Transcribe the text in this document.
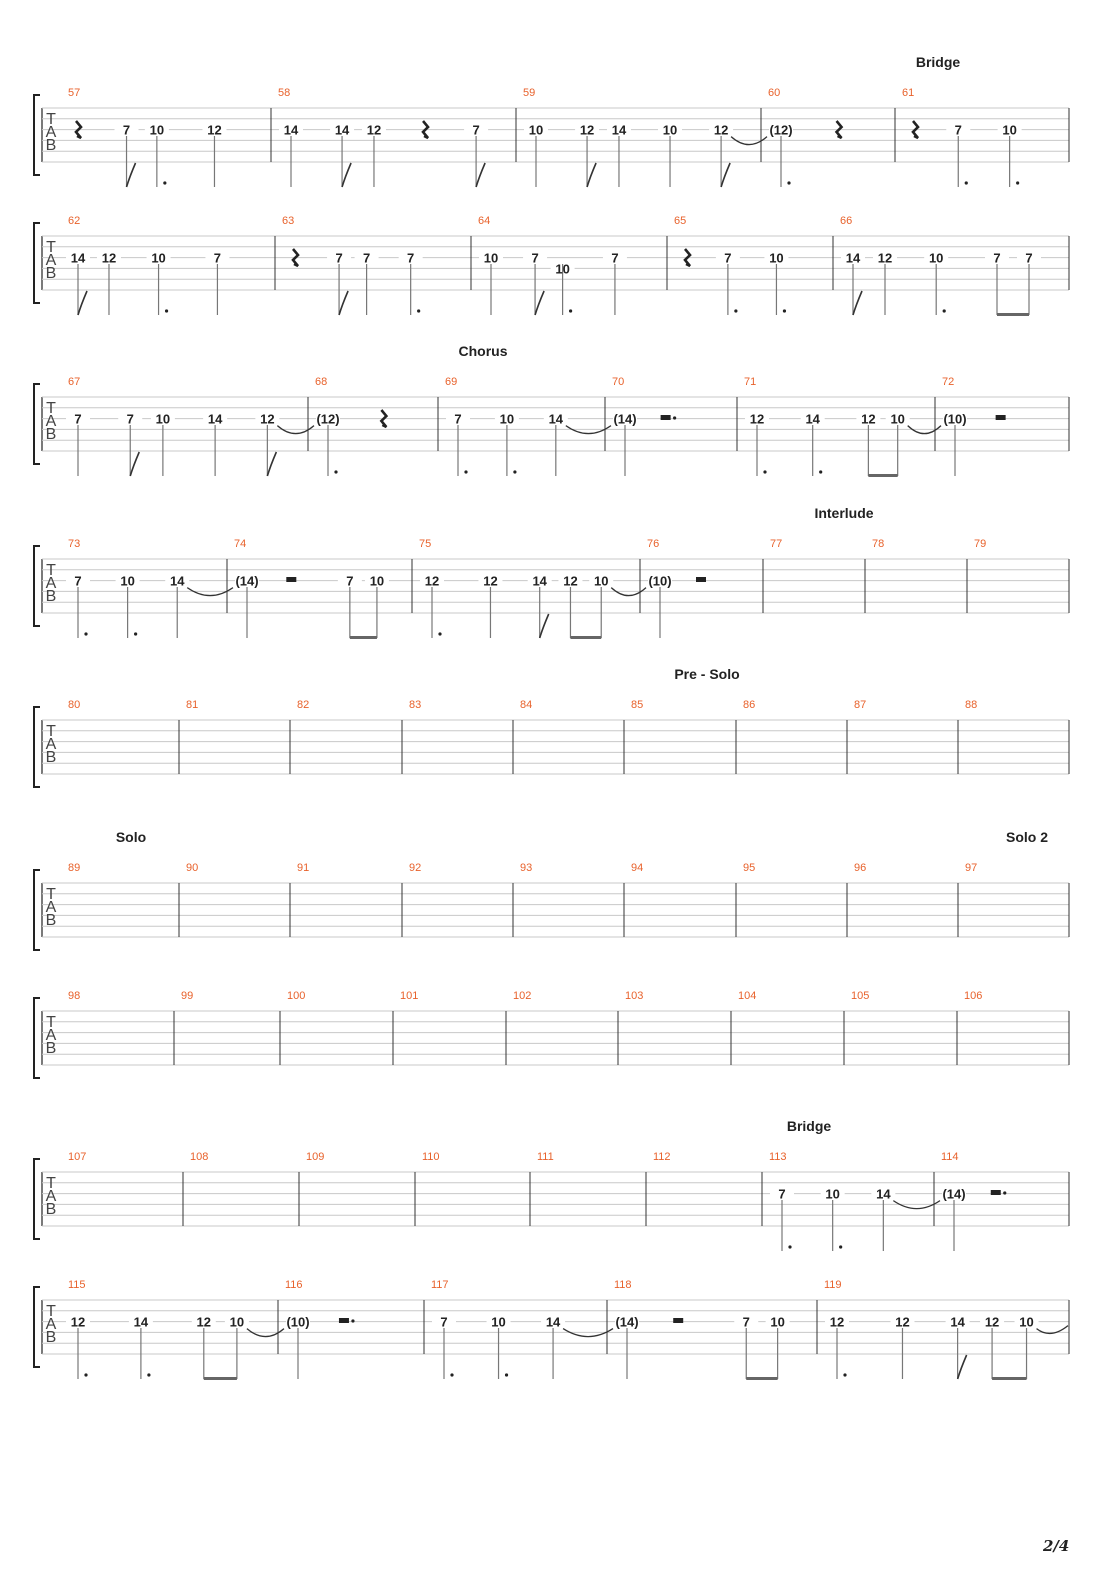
T
A
B
Bridge
57
7 10	12
58
14	14 12	7
59
10	12 14	10	12
60
(12)
61
7	10
T
A
B
62
14 12	10	7
63
7 7	7
64
10	7
10
7
65
7	10
66
14 12	10	7 7
T
A
B
Chorus
67
7	7 10	14	12
68
(12)
69
7	10	14
70
(14)
71
12	14	12 10
72
(10)
T
A
B
Interlude
73
7	10	14
74
(14)	7 10
75
12	12	14 12 10
76
(10)
77	78	79
T
A
B
Pre - Solo
80	81	82	83	84	85	86	87	88
T
A
B
Solo	Solo 2
89	90	91	92	93	94	95	96	97
T
A
B
98	99	100	101	102	103	104	105	106
T
A
B
Bridge
107	108	109	110	111	112	113
7	10	14
114
(14)
T
A
B
115
12	14	12 10
116
(10)
117
7	10	14
118
(14)	7 10
119
12	12	14 12 10
2/4
